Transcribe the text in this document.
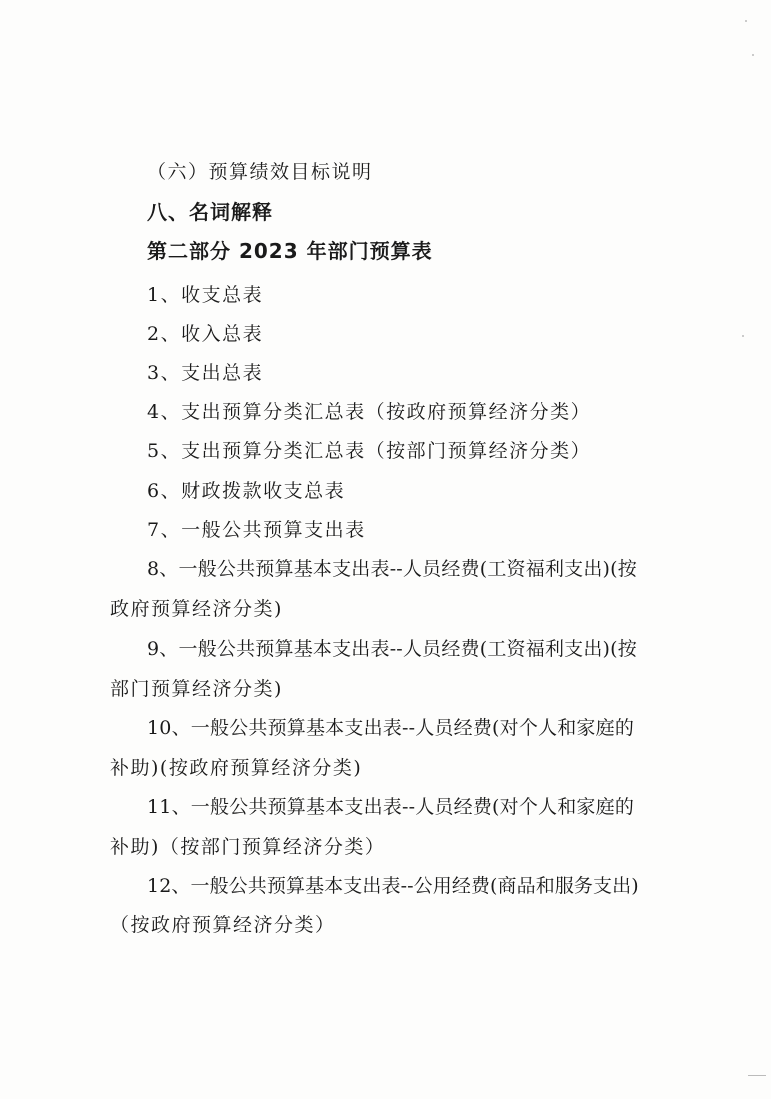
（六）预算绩效目标说明
八、名词解释
第二部分 2023 年部门预算表
1、收支总表
2、收入总表
3、支出总表
4、支出预算分类汇总表（按政府预算经济分类）
5、支出预算分类汇总表（按部门预算经济分类）
6、财政拨款收支总表
7、一般公共预算支出表
8、一般公共预算基本支出表--人员经费(工资福利支出)(按
政府预算经济分类)
9、一般公共预算基本支出表--人员经费(工资福利支出)(按
部门预算经济分类)
10、一般公共预算基本支出表--人员经费(对个人和家庭的
补助)(按政府预算经济分类)
11、一般公共预算基本支出表--人员经费(对个人和家庭的
补助)（按部门预算经济分类）
12、一般公共预算基本支出表--公用经费(商品和服务支出)
（按政府预算经济分类）
